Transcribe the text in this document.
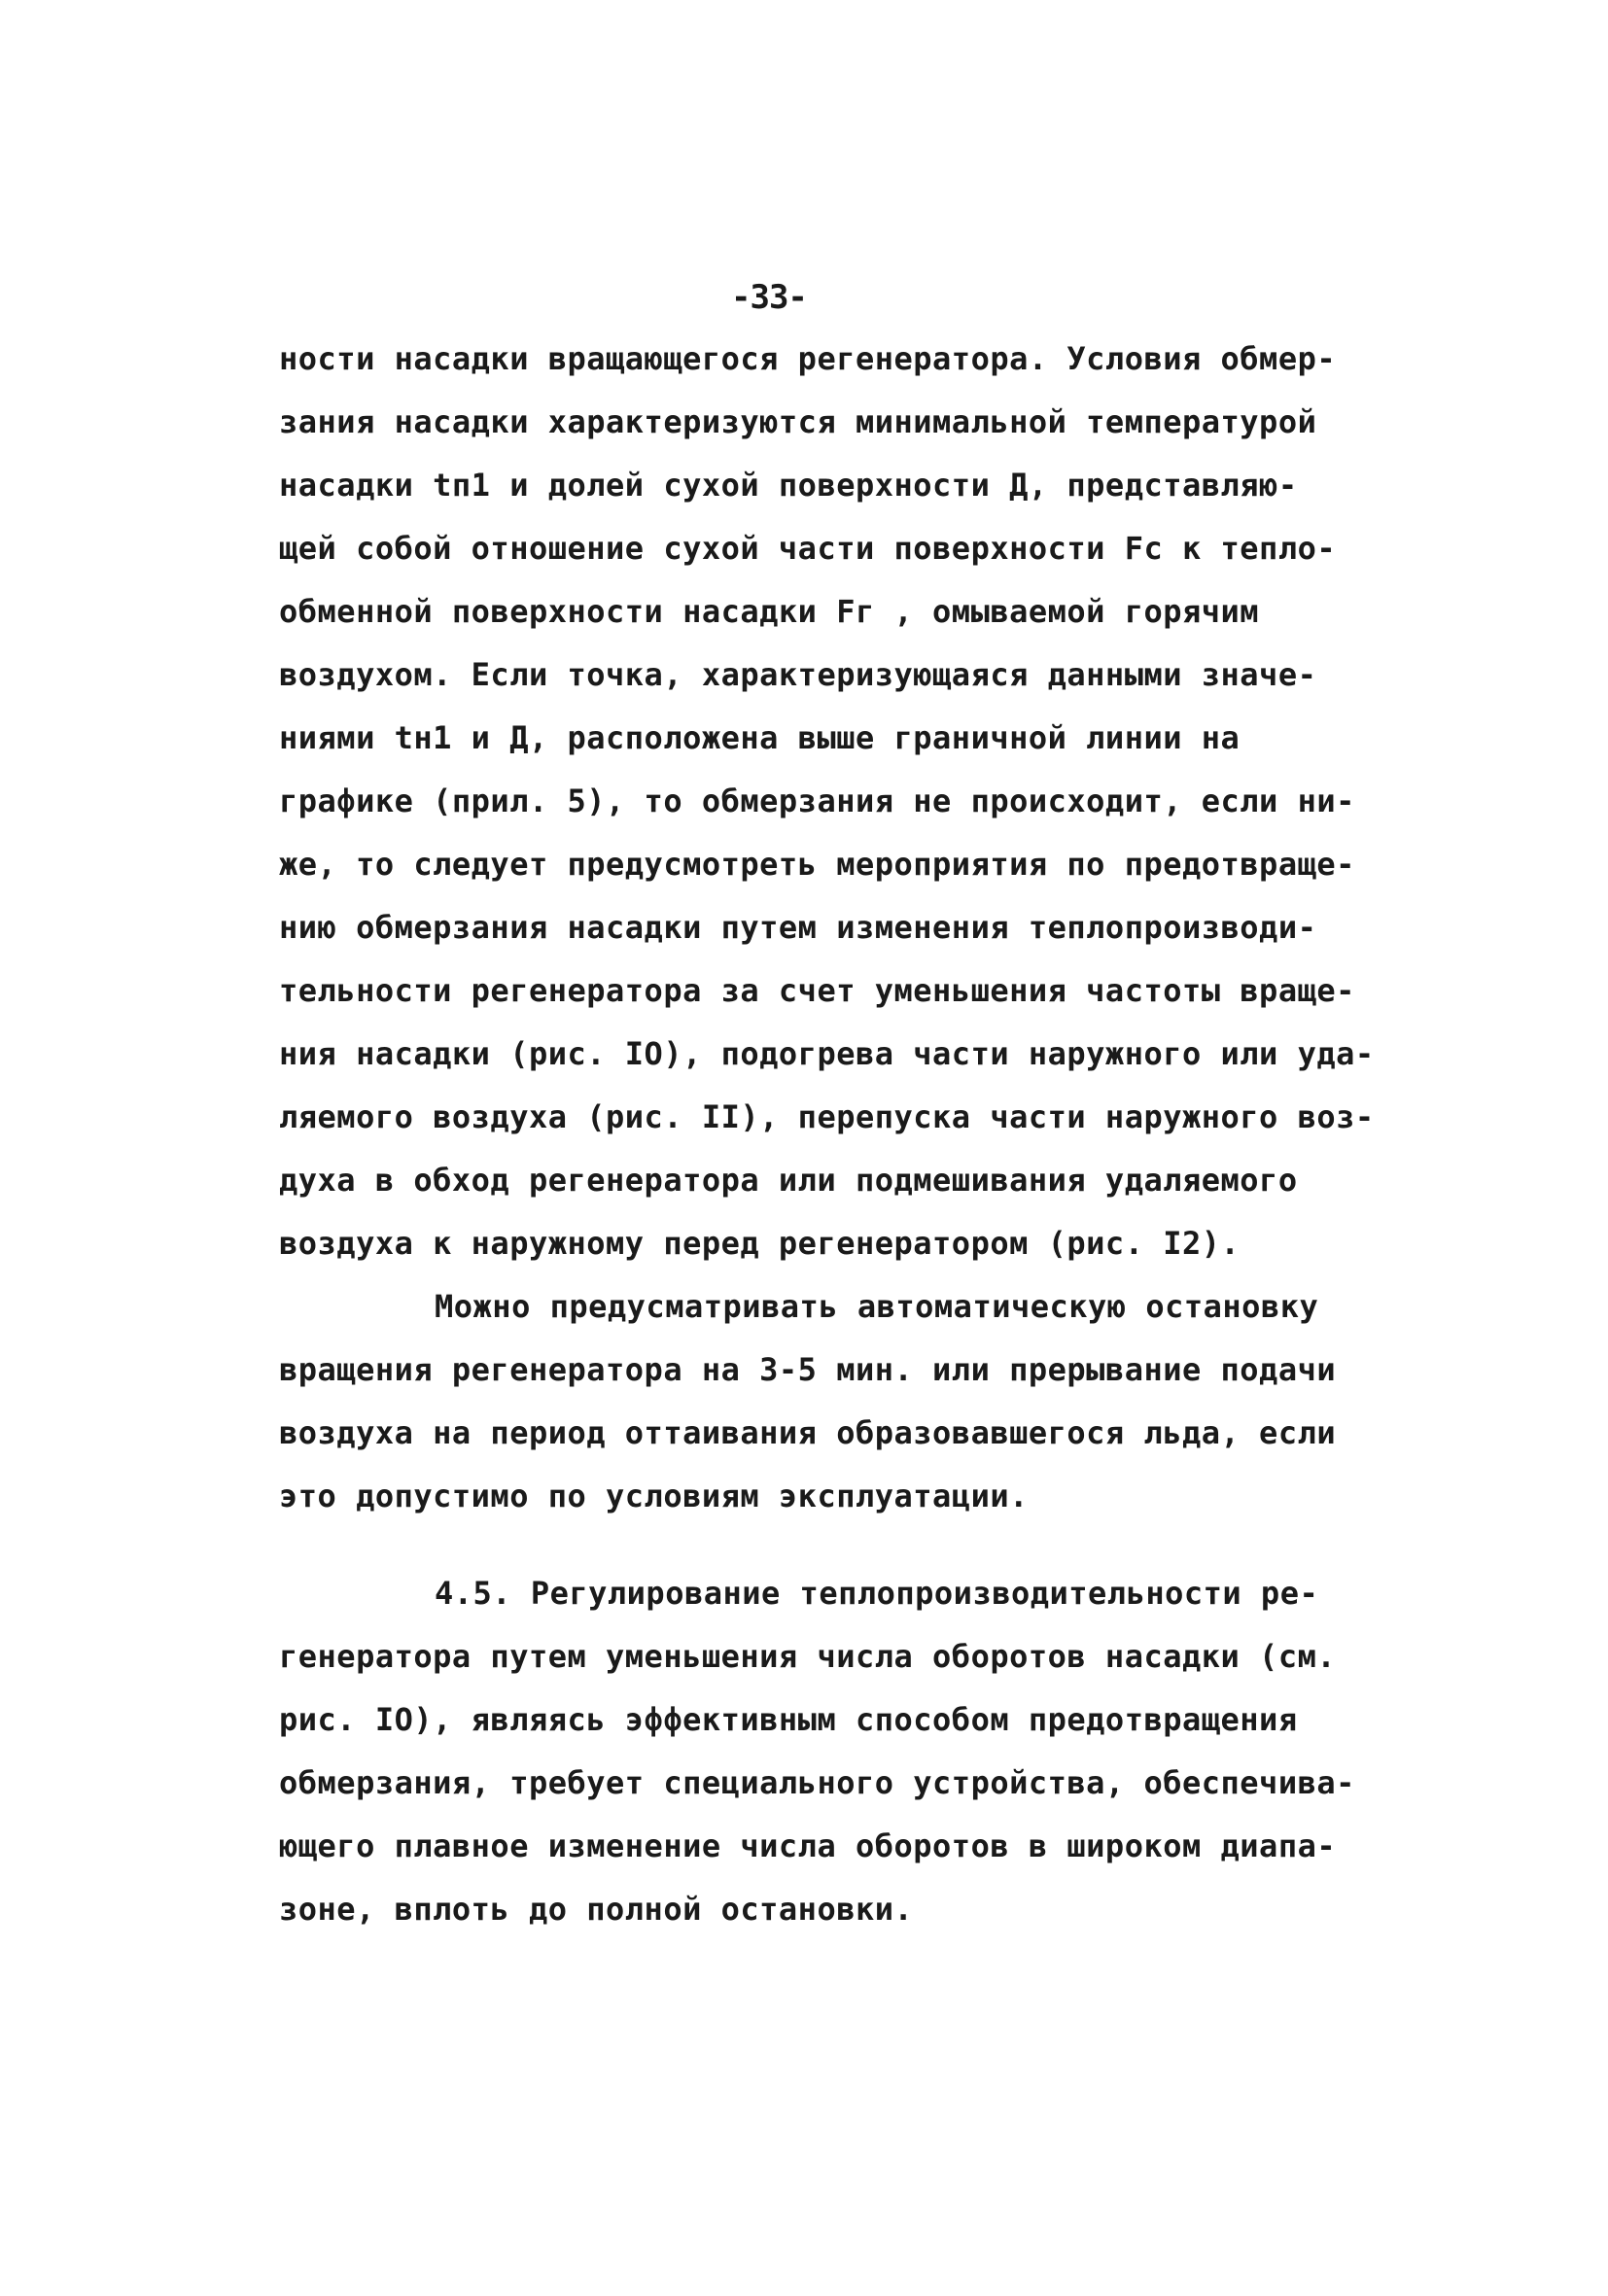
-33-
ности насадки вращающегося регенератора. Условия обмер-
зания насадки характеризуются минимальной температурой
насадки tп1 и долей сухой поверхности Д, представляю-
щей собой отношение сухой части поверхности Fс к тепло-
обменной поверхности насадки Fг , омываемой горячим
воздухом. Если точка, характеризующаяся данными значе-
ниями tн1 и Д, расположена выше граничной линии на
графике (прил. 5), то обмерзания не происходит, если ни-
же, то следует предусмотреть мероприятия по предотвраще-
нию обмерзания насадки путем изменения теплопроизводи-
тельности регенератора за счет уменьшения частоты враще-
ния насадки (рис. IO), подогрева части наружного или уда-
ляемого воздуха (рис. II), перепуска части наружного воз-
духа в обход регенератора или подмешивания удаляемого
воздуха к наружному перед регенератором (рис. I2).
Можно предусматривать автоматическую остановку
вращения регенератора на 3-5 мин. или прерывание подачи
воздуха на период оттаивания образовавшегося льда, если
это допустимо по условиям эксплуатации.
4.5. Регулирование теплопроизводительности ре-
генератора путем уменьшения числа оборотов насадки (см.
рис. IO), являясь эффективным способом предотвращения
обмерзания, требует специального устройства, обеспечива-
ющего плавное изменение числа оборотов в широком диапа-
зоне, вплоть до полной остановки.
